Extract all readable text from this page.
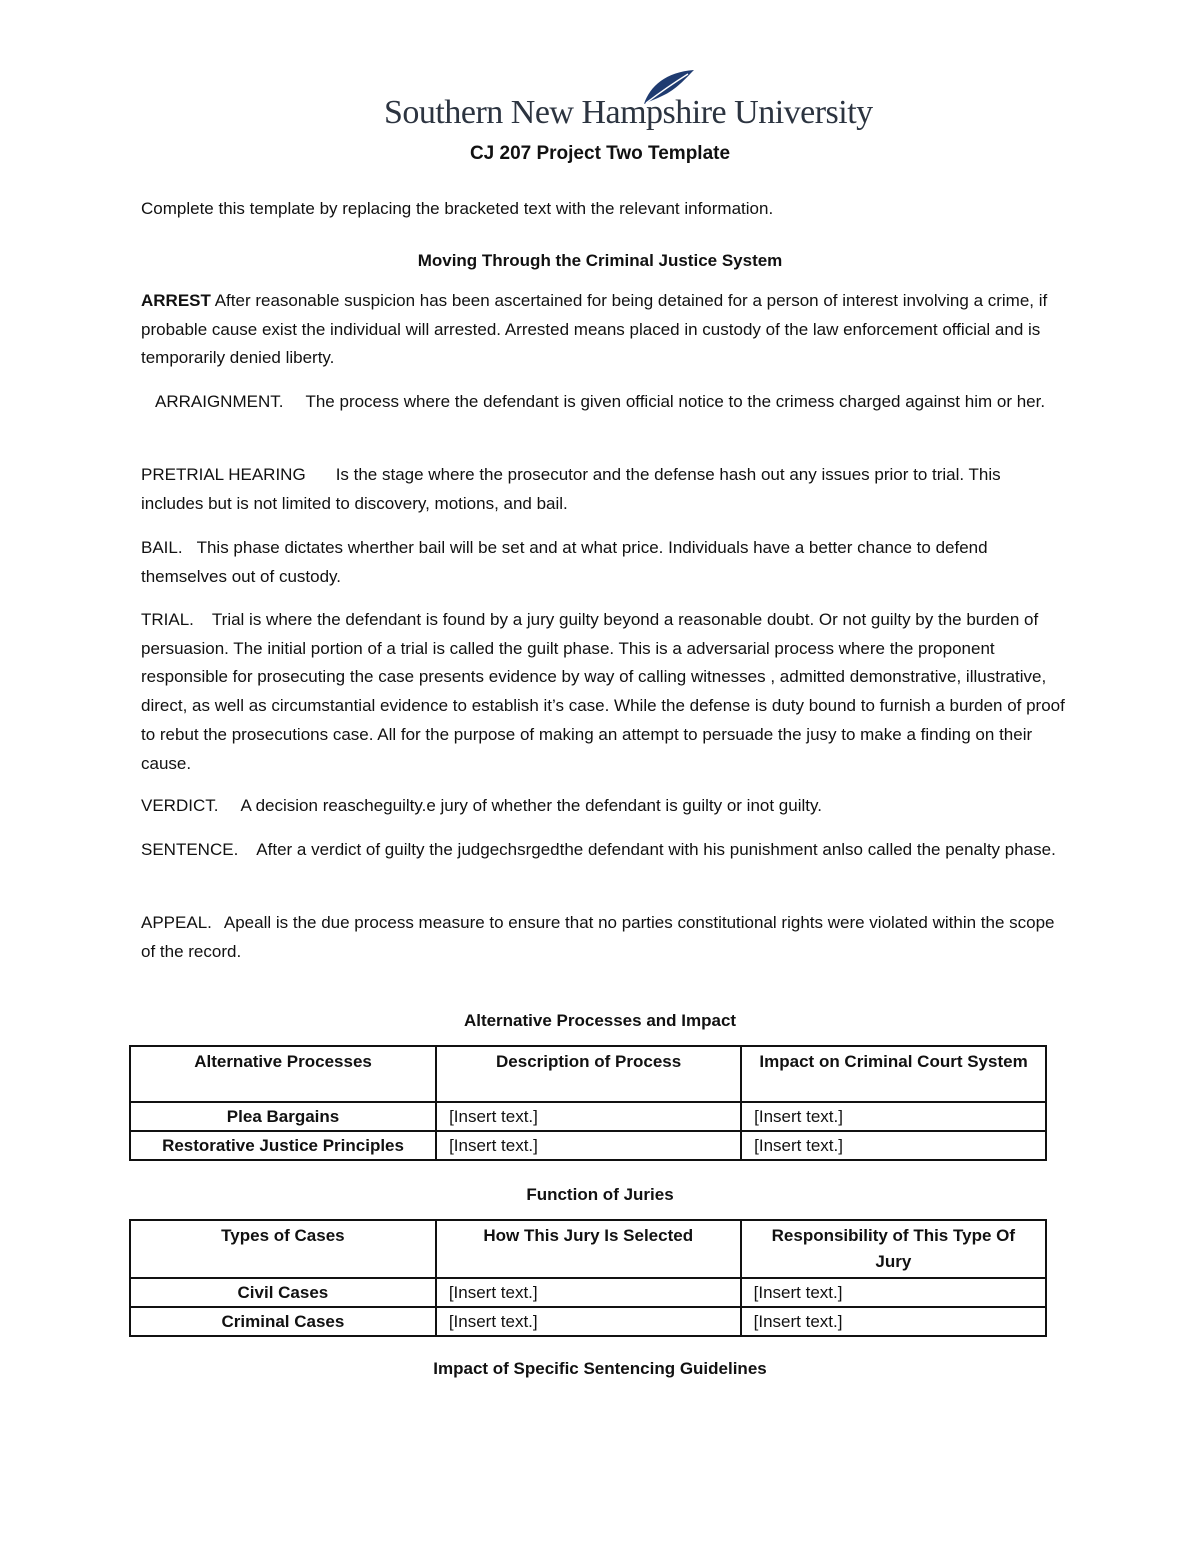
Southern New Hampshire University
CJ 207 Project Two Template
Complete this template by replacing the bracketed text with the relevant information.
Moving Through the Criminal Justice System

ARREST After reasonable suspicion has been ascertained for being detained for a person of interest involving a crime, if probable cause exist the individual will arrested. Arrested means placed in custody of the law enforcement official and is temporarily denied liberty.

ARRAIGNMENT. The process where the defendant is given official notice to the crimess charged against him or her.

PRETRIAL HEARING Is the stage where the prosecutor and the defense hash out any issues prior to trial. This includes but is not limited to discovery, motions, and bail.

BAIL. This phase dictates wherther bail will be set and at what price. Individuals have a better chance to defend themselves out of custody.

TRIAL. Trial is where the defendant is found by a jury guilty beyond a reasonable doubt. Or not guilty by the burden of persuasion. The initial portion of a trial is called the guilt phase. This is a adversarial process where the proponent responsible for prosecuting the case presents evidence by way of calling witnesses , admitted demonstrative, illustrative, direct, as well as circumstantial evidence to establish it’s case. While the defense is duty bound to furnish a burden of proof to rebut the prosecutions case. All for the purpose of making an attempt to persuade the jusy to make a finding on their cause.

VERDICT. A decision reascheguilty.e jury of whether the defendant is guilty or inot guilty.

SENTENCE. After a verdict of guilty the judgechsrgedthe defendant with his punishment anlso called the penalty phase.

APPEAL. Apeall is the due process measure to ensure that no parties constitutional rights were violated within the scope of the record.

Alternative Processes and Impact
Alternative Processes	Description of Process	Impact on Criminal Court System
Plea Bargains	[Insert text.]	[Insert text.]
Restorative Justice Principles	[Insert text.]	[Insert text.]
Function of Juries
Types of Cases	How This Jury Is Selected	Responsibility of This Type Of Jury
Civil Cases	[Insert text.]	[Insert text.]
Criminal Cases	[Insert text.]	[Insert text.]
Impact of Specific Sentencing Guidelines
